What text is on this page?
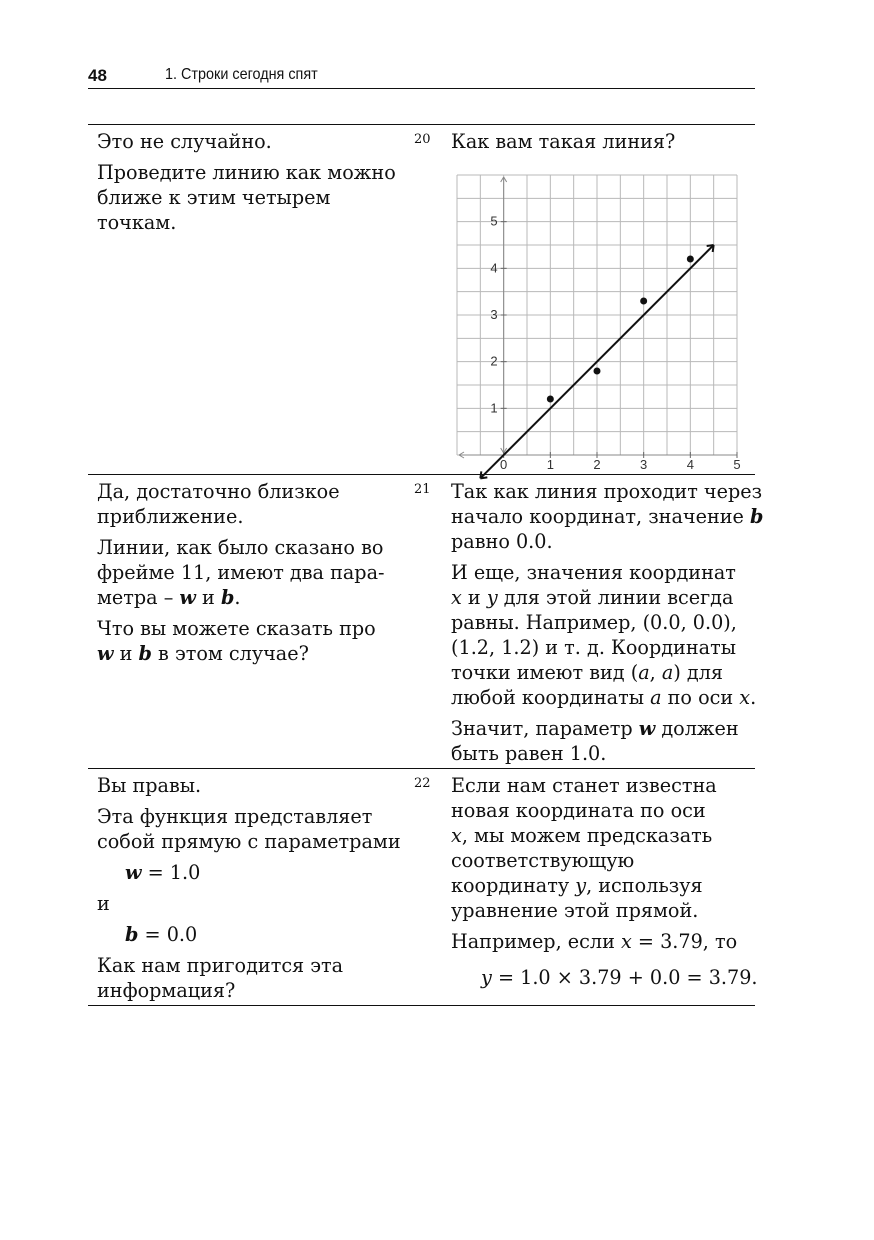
48	1. Строки сегодня спят
Это не случайно.
Проведите линию как можно
ближе к этим четырем
точкам.
20 Как вам такая линия?
0	1	2	3	4	5
1
2
3
4
5
Да, достаточно близкое
приближение.
Линии, как было сказано во
фрейме 11, имеют два пара-
метра – w и b.
Что вы можете сказать про
w и b в этом случае?
21 Так как линия проходит через
начало координат, значение b
равно 0.0.
И еще, значения координат
x и y для этой линии всегда
равны. Например, (0.0, 0.0),
(1.2, 1.2) и т. д. Координаты
точки имеют вид (a, a) для
любой координаты a по оси x.
Значит, параметр w должен
быть равен 1.0.
Вы правы.
Эта функция представляет
собой прямую с параметрами
w = 1.0
и
b = 0.0
Как нам пригодится эта
информация?
22 Если нам станет известна
новая координата по оси
x, мы можем предсказать
соответствующую
координату y, используя
уравнение этой прямой.
Например, если x = 3.79, то
y = 1.0 × 3.79 + 0.0 = 3.79.
